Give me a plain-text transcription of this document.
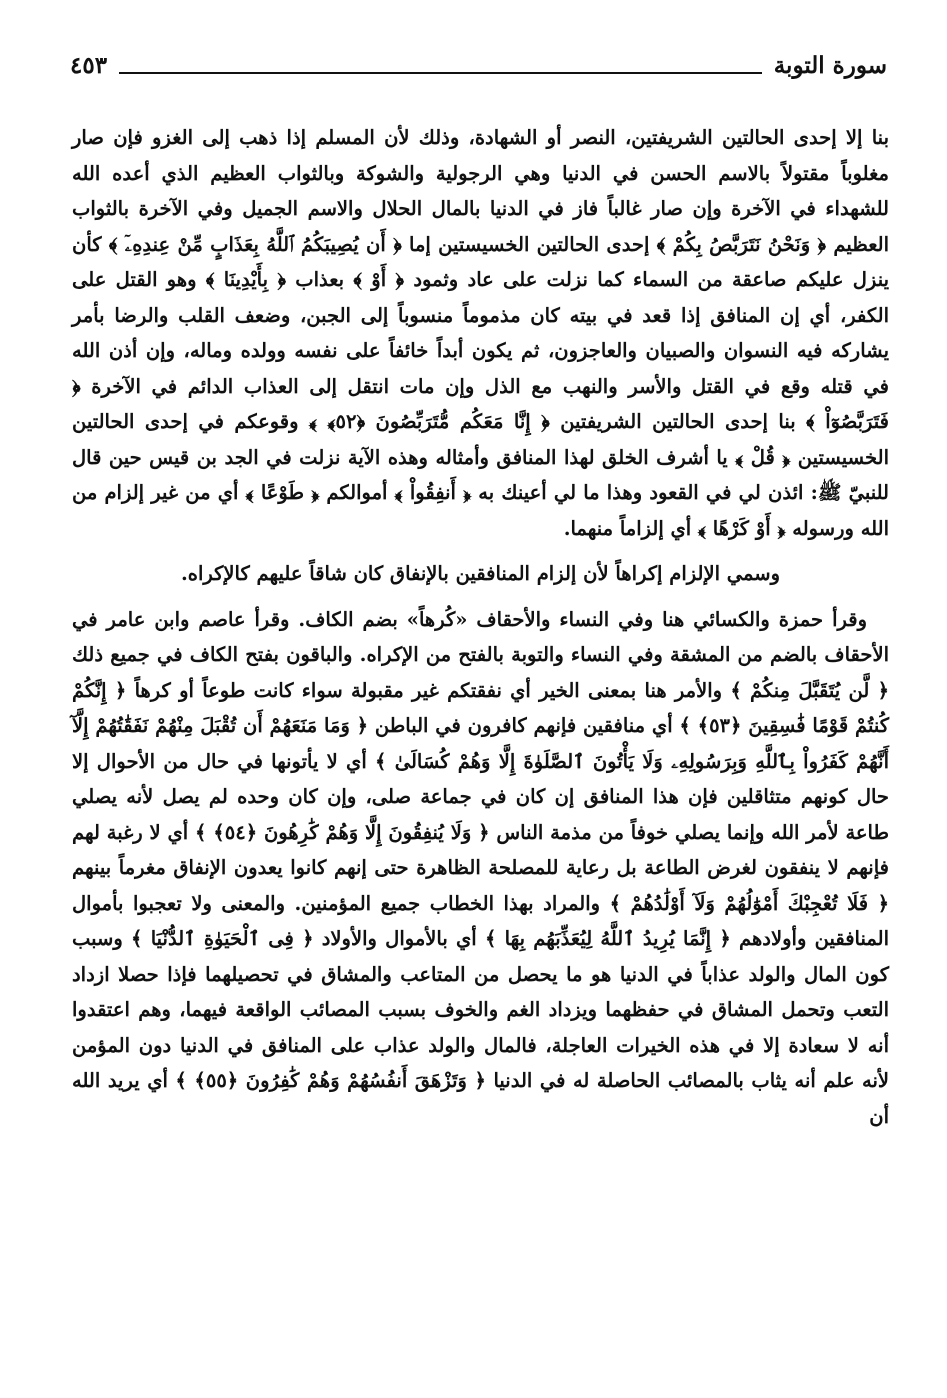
سورة التوبة
٤٥٣

بنا إلا إحدى الحالتين الشريفتين، النصر أو الشهادة، وذلك لأن المسلم إذا ذهب إلى الغزو فإن صار مغلوباً مقتولاً بالاسم الحسن في الدنيا وهي الرجولية والشوكة وبالثواب العظيم الذي أعده الله للشهداء في الآخرة وإن صار غالباً فاز في الدنيا بالمال الحلال والاسم الجميل وفي الآخرة بالثواب العظيم ﴿ وَنَحْنُ نَتَرَبَّصُ بِكُمْ ﴾ إحدى الحالتين الخسيستين إما ﴿ أَن يُصِيبَكُمُ ٱللَّهُ بِعَذَابٍ مِّنْ عِندِهِۦٓ ﴾ كأن ينزل عليكم صاعقة من السماء كما نزلت على عاد وثمود ﴿ أَوْ ﴾ بعذاب ﴿ بِأَيْدِينَا ﴾ وهو القتل على الكفر، أي إن المنافق إذا قعد في بيته كان مذموماً منسوباً إلى الجبن، وضعف القلب والرضا بأمر يشاركه فيه النسوان والصبيان والعاجزون، ثم يكون أبداً خائفاً على نفسه وولده وماله، وإن أذن الله في قتله وقع في القتل والأسر والنهب مع الذل وإن مات انتقل إلى العذاب الدائم في الآخرة ﴿ فَتَرَبَّصُوٓاْ ﴾ بنا إحدى الحالتين الشريفتين ﴿ إِنَّا مَعَكُم مُّتَرَبِّصُونَ ﴿٥٢﴾ ﴾ وقوعكم في إحدى الحالتين الخسيستين ﴿ قُلْ ﴾ يا أشرف الخلق لهذا المنافق وأمثاله وهذه الآية نزلت في الجد بن قيس حين قال للنبيّ ﷺ: ائذن لي في القعود وهذا ما لي أعينك به ﴿ أَنفِقُواْ ﴾ أموالكم ﴿ طَوْعًا ﴾ أي من غير إلزام من الله ورسوله ﴿ أَوْ كَرْهًا ﴾ أي إلزاماً منهما.

وسمي الإلزام إكراهاً لأن إلزام المنافقين بالإنفاق كان شاقاً عليهم كالإكراه.

وقرأ حمزة والكسائي هنا وفي النساء والأحقاف «كُرهاً» بضم الكاف. وقرأ عاصم وابن عامر في الأحقاف بالضم من المشقة وفي النساء والتوبة بالفتح من الإكراه. والباقون بفتح الكاف في جميع ذلك ﴿ لَّن يُتَقَبَّلَ مِنكُمْ ﴾ والأمر هنا بمعنى الخير أي نفقتكم غير مقبولة سواء كانت طوعاً أو كرهاً ﴿ إِنَّكُمْ كُنتُمْ قَوْمًا فَٰسِقِينَ ﴿٥٣﴾ ﴾ أي منافقين فإنهم كافرون في الباطن ﴿ وَمَا مَنَعَهُمْ أَن تُقْبَلَ مِنْهُمْ نَفَقَٰتُهُمْ إِلَّآ أَنَّهُمْ كَفَرُواْ بِٱللَّهِ وَبِرَسُولِهِۦ وَلَا يَأْتُونَ ٱلصَّلَوٰةَ إِلَّا وَهُمْ كُسَالَىٰ ﴾ أي لا يأتونها في حال من الأحوال إلا حال كونهم متثاقلين فإن هذا المنافق إن كان في جماعة صلى، وإن كان وحده لم يصل لأنه يصلي طاعة لأمر الله وإنما يصلي خوفاً من مذمة الناس ﴿ وَلَا يُنفِقُونَ إِلَّا وَهُمْ كَٰرِهُونَ ﴿٥٤﴾ ﴾ أي لا رغبة لهم فإنهم لا ينفقون لغرض الطاعة بل رعاية للمصلحة الظاهرة حتى إنهم كانوا يعدون الإنفاق مغرماً بينهم ﴿ فَلَا تُعْجِبْكَ أَمْوَٰلُهُمْ وَلَآ أَوْلَٰدُهُمْ ﴾ والمراد بهذا الخطاب جميع المؤمنين. والمعنى ولا تعجبوا بأموال المنافقين وأولادهم ﴿ إِنَّمَا يُرِيدُ ٱللَّهُ لِيُعَذِّبَهُم بِهَا ﴾ أي بالأموال والأولاد ﴿ فِى ٱلْحَيَوٰةِ ٱلدُّنْيَا ﴾ وسبب كون المال والولد عذاباً في الدنيا هو ما يحصل من المتاعب والمشاق في تحصيلهما فإذا حصلا ازداد التعب وتحمل المشاق في حفظهما ويزداد الغم والخوف بسبب المصائب الواقعة فيهما، وهم اعتقدوا أنه لا سعادة إلا في هذه الخيرات العاجلة، فالمال والولد عذاب على المنافق في الدنيا دون المؤمن لأنه علم أنه يثاب بالمصائب الحاصلة له في الدنيا ﴿ وَتَزْهَقَ أَنفُسُهُمْ وَهُمْ كَٰفِرُونَ ﴿٥٥﴾ ﴾ أي يريد الله أن
